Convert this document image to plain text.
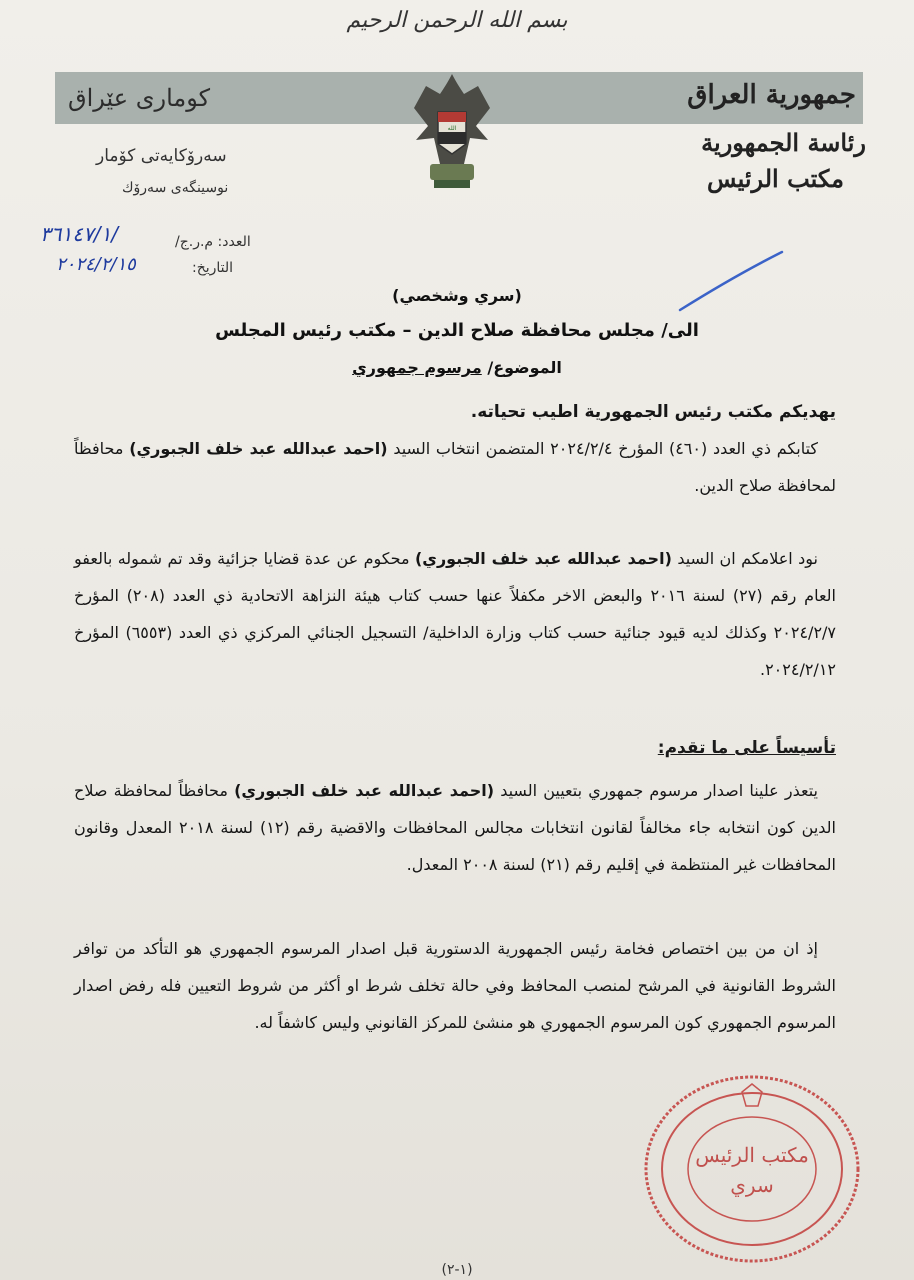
بسم الله الرحمن الرحيم
جمهورية العراق
كوماری عێراق
الله	رئاسة الجمهورية
مكتب الرئيس
سەرۆكایەتی كۆمار
نوسینگەی سەرۆك
العدد: م.ر.ج/
٣٦١٤٧/١/
التاريخ:
٢٠٢٤/٢/١٥
(سري وشخصي)
الى/ مجلس محافظة صلاح الدين – مكتب رئيس المجلس
الموضوع/ مرسوم جمهوري
يهديكم مكتب رئيس الجمهورية اطيب تحياته.
كتابكم ذي العدد (٤٦٠) المؤرخ ٢٠٢٤/٢/٤ المتضمن انتخاب السيد (احمد عبدالله عبد خلف الجبوري) محافظاً لمحافظة صلاح الدين.
نود اعلامكم ان السيد (احمد عبدالله عبد خلف الجبوري) محكوم عن عدة قضايا جزائية وقد تم شموله بالعفو العام رقم (٢٧) لسنة ٢٠١٦ والبعض الاخر مكفلاً عنها حسب كتاب هيئة النزاهة الاتحادية ذي العدد (٢٠٨) المؤرخ ٢٠٢٤/٢/٧ وكذلك لديه قيود جنائية حسب كتاب وزارة الداخلية/ التسجيل الجنائي المركزي ذي العدد (٦٥٥٣) المؤرخ ٢٠٢٤/٢/١٢.
تأسيساً على ما تقدم:
يتعذر علينا اصدار مرسوم جمهوري بتعيين السيد (احمد عبدالله عبد خلف الجبوري) محافظاً لمحافظة صلاح الدين كون انتخابه جاء مخالفاً لقانون انتخابات مجالس المحافظات والاقضية رقم (١٢) لسنة ٢٠١٨ المعدل وقانون المحافظات غير المنتظمة في إقليم رقم (٢١) لسنة ٢٠٠٨ المعدل.
إذ ان من بين اختصاص فخامة رئيس الجمهورية الدستورية قبل اصدار المرسوم الجمهوري هو التأكد من توافر الشروط القانونية في المرشح لمنصب المحافظ وفي حالة تخلف شرط او أكثر من شروط التعيين فله رفض اصدار المرسوم الجمهوري كون المرسوم الجمهوري هو منشئ للمركز القانوني وليس كاشفاً له.
مكتب الرئيس
سري
(١-٢)
